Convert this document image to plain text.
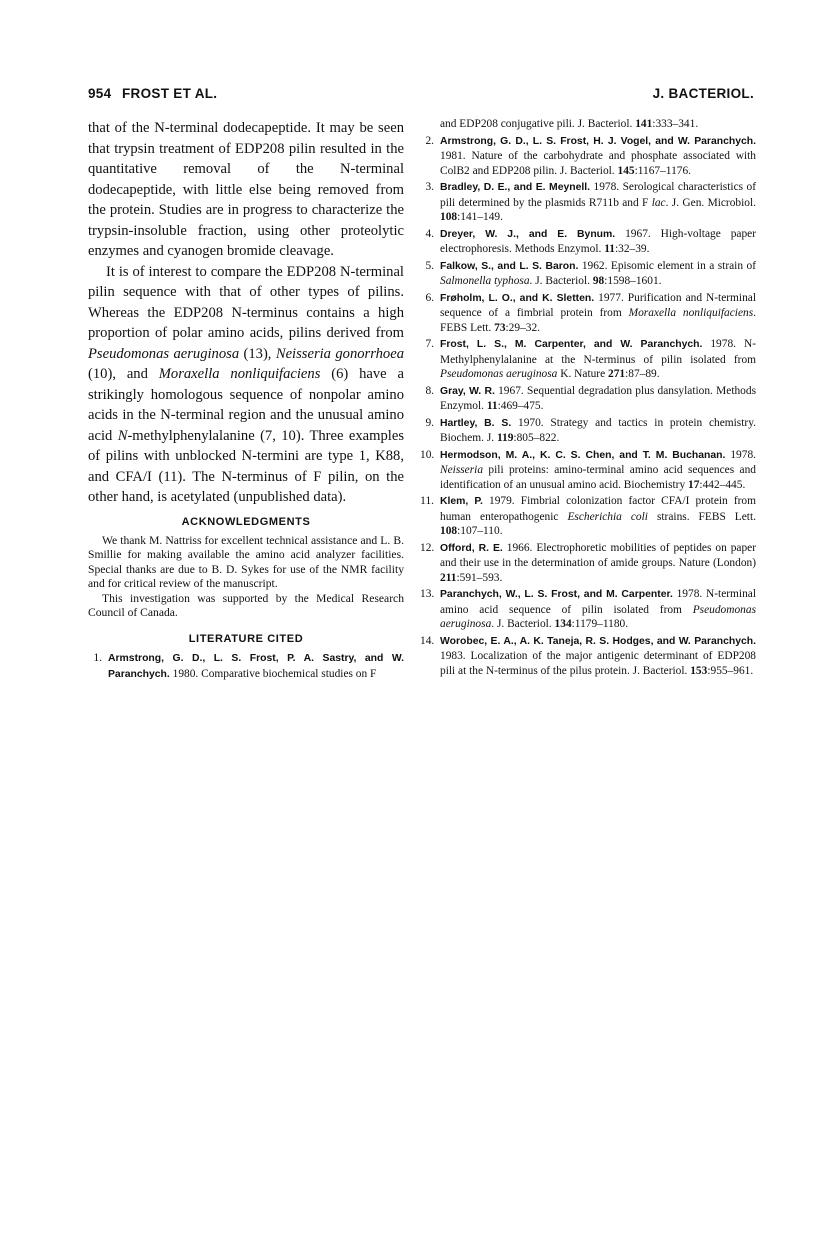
954 FROST ET AL.	J. BACTERIOL.

that of the N-terminal dodecapeptide. It may be seen that trypsin treatment of EDP208 pilin resulted in the quantitative removal of the N-terminal dodecapeptide, with little else being removed from the protein. Studies are in progress to characterize the trypsin-insoluble fraction, using other proteolytic enzymes and cyanogen bromide cleavage.

It is of interest to compare the EDP208 N-terminal pilin sequence with that of other types of pilins. Whereas the EDP208 N-terminus contains a high proportion of polar amino acids, pilins derived from Pseudomonas aeruginosa (13), Neisseria gonorrhoea (10), and Moraxella nonliquifaciens (6) have a strikingly homologous sequence of nonpolar amino acids in the N-terminal region and the unusual amino acid N-methylphenylalanine (7, 10). Three examples of pilins with unblocked N-termini are type 1, K88, and CFA/I (11). The N-terminus of F pilin, on the other hand, is acetylated (unpublished data).

ACKNOWLEDGMENTS

We thank M. Nattriss for excellent technical assistance and L. B. Smillie for making available the amino acid analyzer facilities. Special thanks are due to B. D. Sykes for use of the NMR facility and for critical review of the manuscript.

This investigation was supported by the Medical Research Council of Canada.

LITERATURE CITED
1. Armstrong, G. D., L. S. Frost, P. A. Sastry, and W. Paranchych. 1980. Comparative biochemical studies on F
and EDP208 conjugative pili. J. Bacteriol. 141:333–341.
2. Armstrong, G. D., L. S. Frost, H. J. Vogel, and W. Paranchych. 1981. Nature of the carbohydrate and phosphate associated with ColB2 and EDP208 pilin. J. Bacteriol. 145:1167–1176.
3. Bradley, D. E., and E. Meynell. 1978. Serological characteristics of pili determined by the plasmids R711b and F lac. J. Gen. Microbiol. 108:141–149.
4. Dreyer, W. J., and E. Bynum. 1967. High-voltage paper electrophoresis. Methods Enzymol. 11:32–39.
5. Falkow, S., and L. S. Baron. 1962. Episomic element in a strain of Salmonella typhosa. J. Bacteriol. 98:1598–1601.
6. Frøholm, L. O., and K. Sletten. 1977. Purification and N-terminal sequence of a fimbrial protein from Moraxella nonliquifaciens. FEBS Lett. 73:29–32.
7. Frost, L. S., M. Carpenter, and W. Paranchych. 1978. N-Methylphenylalanine at the N-terminus of pilin isolated from Pseudomonas aeruginosa K. Nature 271:87–89.
8. Gray, W. R. 1967. Sequential degradation plus dansylation. Methods Enzymol. 11:469–475.
9. Hartley, B. S. 1970. Strategy and tactics in protein chemistry. Biochem. J. 119:805–822.
10. Hermodson, M. A., K. C. S. Chen, and T. M. Buchanan. 1978. Neisseria pili proteins: amino-terminal amino acid sequences and identification of an unusual amino acid. Biochemistry 17:442–445.
11. Klem, P. 1979. Fimbrial colonization factor CFA/I protein from human enteropathogenic Escherichia coli strains. FEBS Lett. 108:107–110.
12. Offord, R. E. 1966. Electrophoretic mobilities of peptides on paper and their use in the determination of amide groups. Nature (London) 211:591–593.
13. Paranchych, W., L. S. Frost, and M. Carpenter. 1978. N-terminal amino acid sequence of pilin isolated from Pseudomonas aeruginosa. J. Bacteriol. 134:1179–1180.
14. Worobec, E. A., A. K. Taneja, R. S. Hodges, and W. Paranchych. 1983. Localization of the major antigenic determinant of EDP208 pili at the N-terminus of the pilus protein. J. Bacteriol. 153:955–961.
